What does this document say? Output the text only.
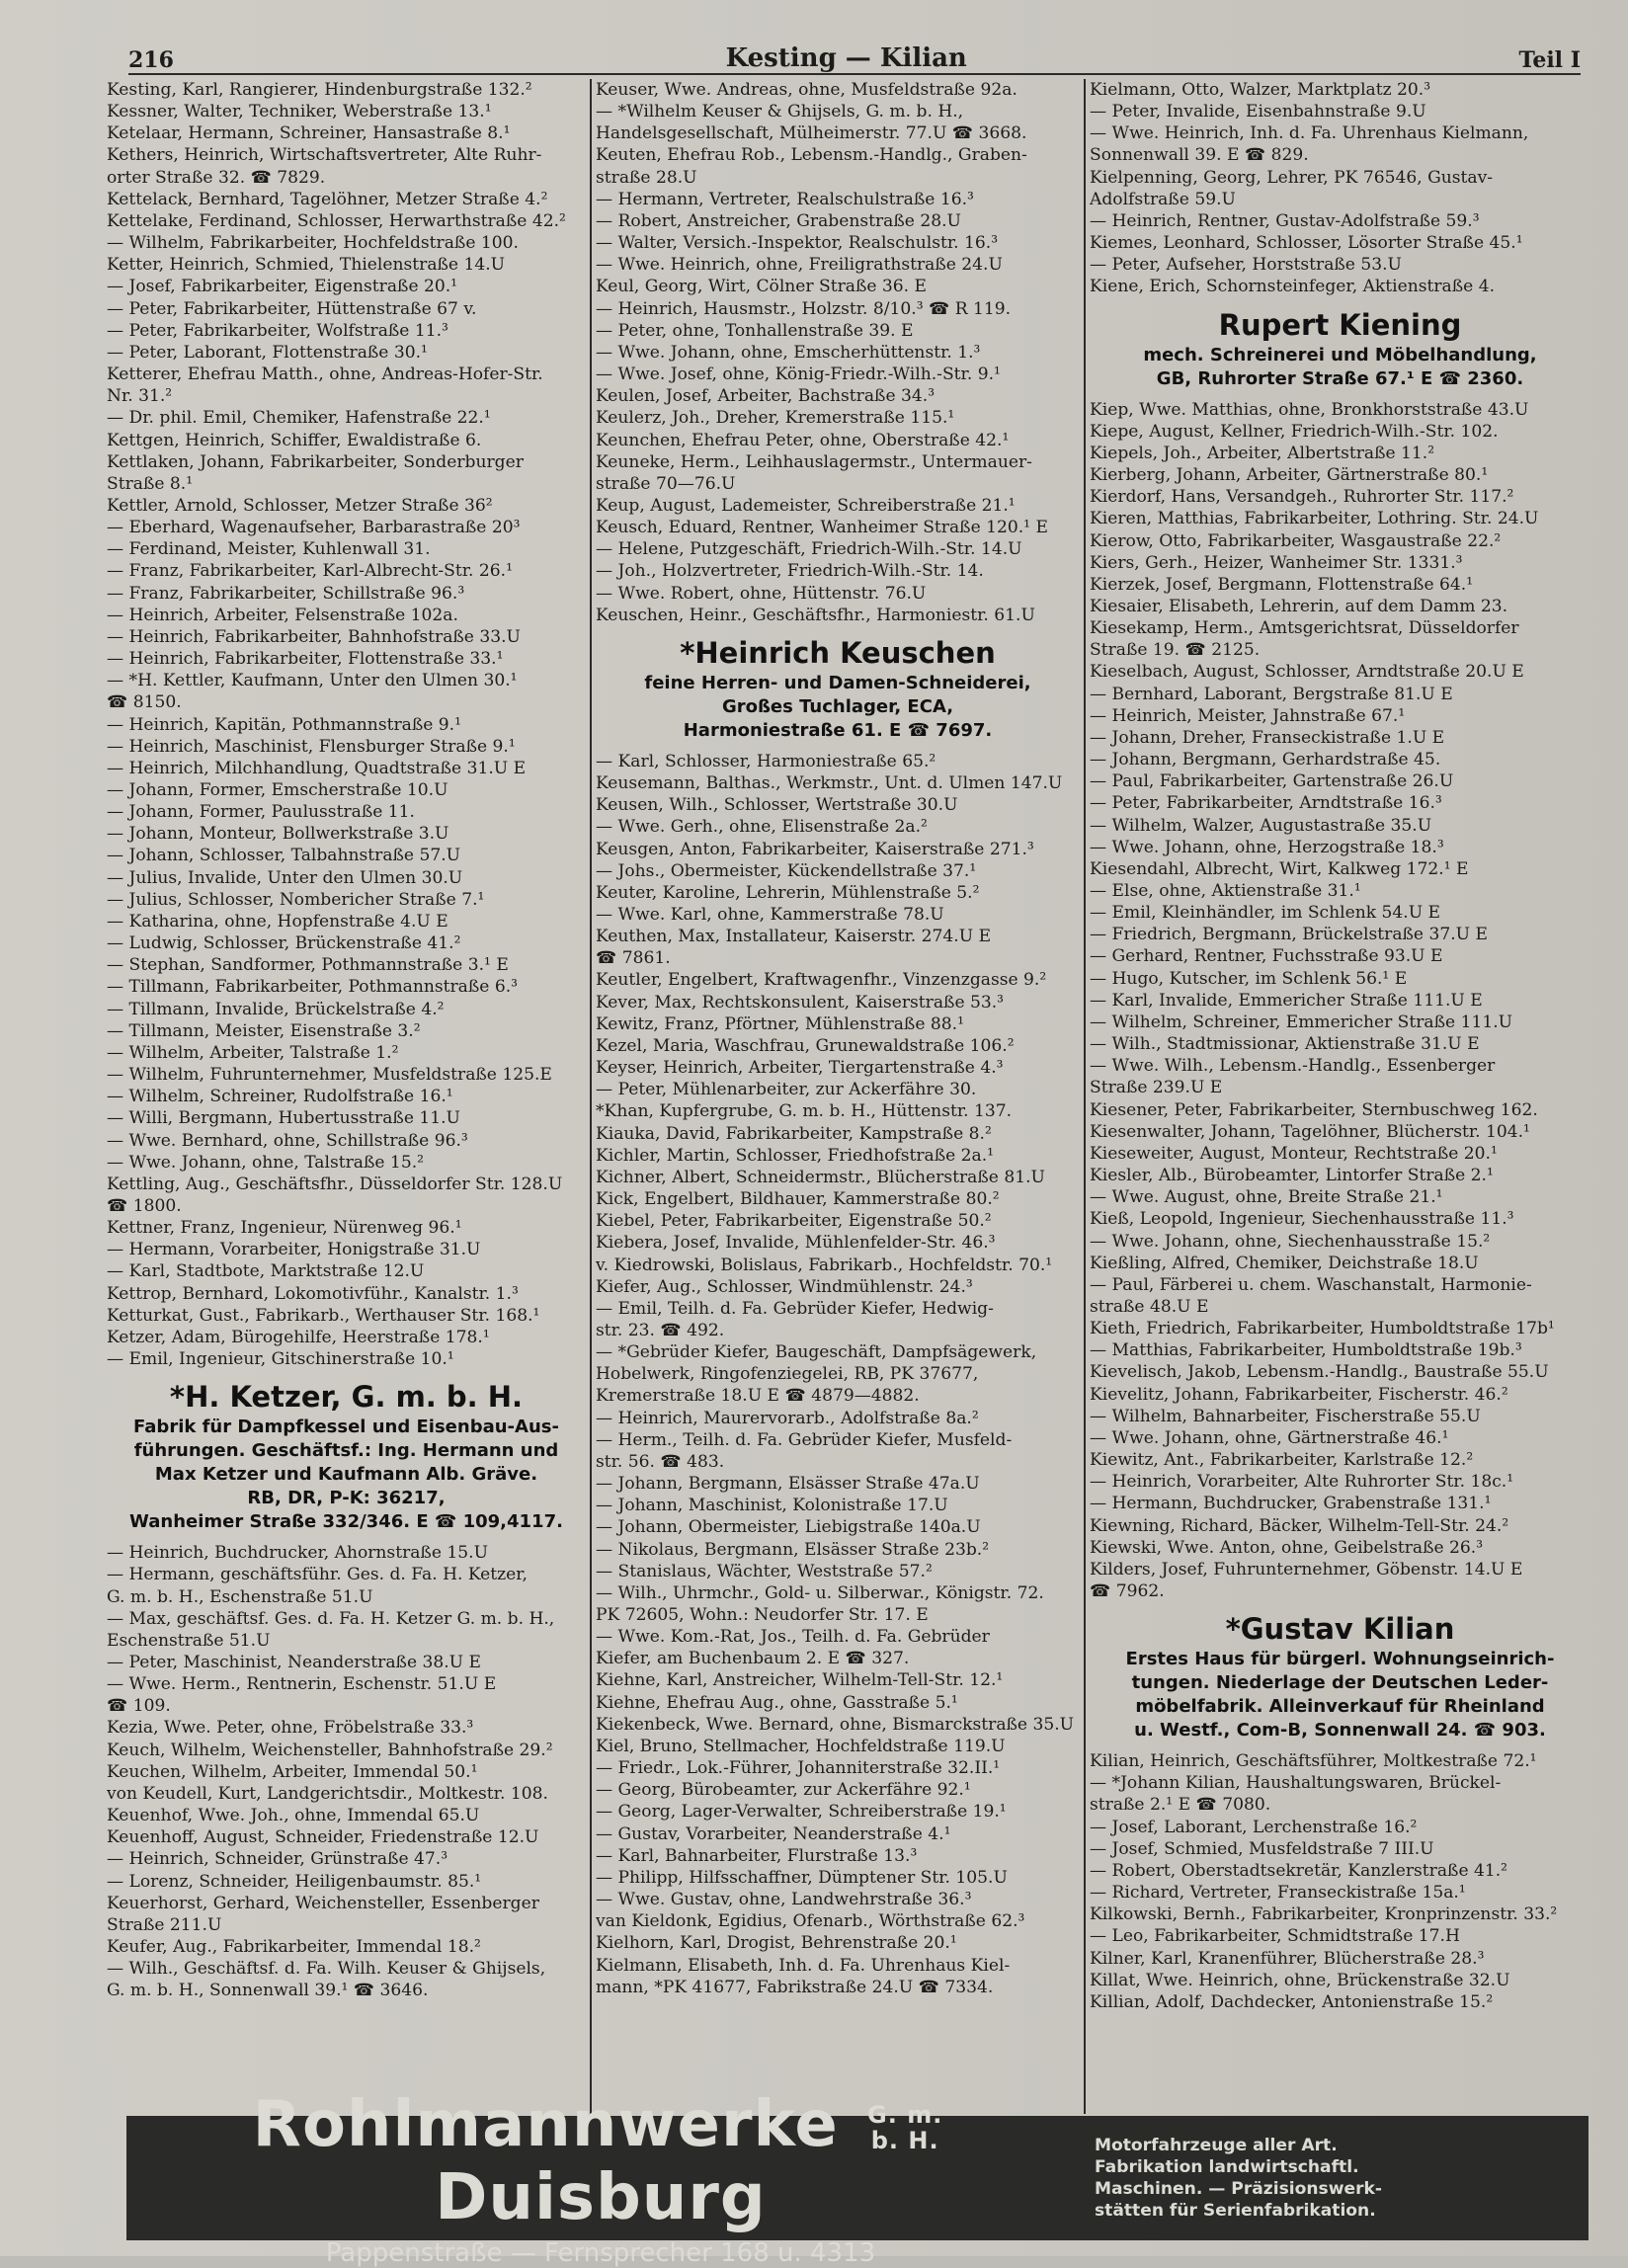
216	Kesting — Kilian	Teil I
Kesting, Karl, Rangierer, Hindenburgstraße 132.²
Kessner, Walter, Techniker, Weberstraße 13.¹
Ketelaar, Hermann, Schreiner, Hansastraße 8.¹
Kethers, Heinrich, Wirtschaftsvertreter, Alte Ruhr-
orter Straße 32. ☎ 7829.
Kettelack, Bernhard, Tagelöhner, Metzer Straße 4.²
Kettelake, Ferdinand, Schlosser, Herwarthstraße 42.²
— Wilhelm, Fabrikarbeiter, Hochfeldstraße 100.
Ketter, Heinrich, Schmied, Thielenstraße 14.U
— Josef, Fabrikarbeiter, Eigenstraße 20.¹
— Peter, Fabrikarbeiter, Hüttenstraße 67 v.
— Peter, Fabrikarbeiter, Wolfstraße 11.³
— Peter, Laborant, Flottenstraße 30.¹
Ketterer, Ehefrau Matth., ohne, Andreas-Hofer-Str.
Nr. 31.²
— Dr. phil. Emil, Chemiker, Hafenstraße 22.¹
Kettgen, Heinrich, Schiffer, Ewaldistraße 6.
Kettlaken, Johann, Fabrikarbeiter, Sonderburger
Straße 8.¹
Kettler, Arnold, Schlosser, Metzer Straße 36²
— Eberhard, Wagenaufseher, Barbarastraße 20³
— Ferdinand, Meister, Kuhlenwall 31.
— Franz, Fabrikarbeiter, Karl-Albrecht-Str. 26.¹
— Franz, Fabrikarbeiter, Schillstraße 96.³
— Heinrich, Arbeiter, Felsenstraße 102a.
— Heinrich, Fabrikarbeiter, Bahnhofstraße 33.U
— Heinrich, Fabrikarbeiter, Flottenstraße 33.¹
— *H. Kettler, Kaufmann, Unter den Ulmen 30.¹
☎ 8150.
— Heinrich, Kapitän, Pothmannstraße 9.¹
— Heinrich, Maschinist, Flensburger Straße 9.¹
— Heinrich, Milchhandlung, Quadtstraße 31.U E
— Johann, Former, Emscherstraße 10.U
— Johann, Former, Paulusstraße 11.
— Johann, Monteur, Bollwerkstraße 3.U
— Johann, Schlosser, Talbahnstraße 57.U
— Julius, Invalide, Unter den Ulmen 30.U
— Julius, Schlosser, Nombericher Straße 7.¹
— Katharina, ohne, Hopfenstraße 4.U E
— Ludwig, Schlosser, Brückenstraße 41.²
— Stephan, Sandformer, Pothmannstraße 3.¹ E
— Tillmann, Fabrikarbeiter, Pothmannstraße 6.³
— Tillmann, Invalide, Brückelstraße 4.²
— Tillmann, Meister, Eisenstraße 3.²
— Wilhelm, Arbeiter, Talstraße 1.²
— Wilhelm, Fuhrunternehmer, Musfeldstraße 125.E
— Wilhelm, Schreiner, Rudolfstraße 16.¹
— Willi, Bergmann, Hubertusstraße 11.U
— Wwe. Bernhard, ohne, Schillstraße 96.³
— Wwe. Johann, ohne, Talstraße 15.²
Kettling, Aug., Geschäftsfhr., Düsseldorfer Str. 128.U
☎ 1800.
Kettner, Franz, Ingenieur, Nürenweg 96.¹
— Hermann, Vorarbeiter, Honigstraße 31.U
— Karl, Stadtbote, Marktstraße 12.U
Kettrop, Bernhard, Lokomotivführ., Kanalstr. 1.³
Ketturkat, Gust., Fabrikarb., Werthauser Str. 168.¹
Ketzer, Adam, Bürogehilfe, Heerstraße 178.¹
— Emil, Ingenieur, Gitschinerstraße 10.¹
*H. Ketzer, G. m. b. H.
Fabrik für Dampfkessel und Eisenbau-Aus-
führungen. Geschäftsf.: Ing. Hermann und
Max Ketzer und Kaufmann Alb. Gräve.
RB, DR, P-K: 36217,
Wanheimer Straße 332/346. E ☎ 109,4117.
— Heinrich, Buchdrucker, Ahornstraße 15.U
— Hermann, geschäftsführ. Ges. d. Fa. H. Ketzer,
G. m. b. H., Eschenstraße 51.U
— Max, geschäftsf. Ges. d. Fa. H. Ketzer G. m. b. H.,
Eschenstraße 51.U
— Peter, Maschinist, Neanderstraße 38.U E
— Wwe. Herm., Rentnerin, Eschenstr. 51.U E
☎ 109.
Kezia, Wwe. Peter, ohne, Fröbelstraße 33.³
Keuch, Wilhelm, Weichensteller, Bahnhofstraße 29.²
Keuchen, Wilhelm, Arbeiter, Immendal 50.¹
von Keudell, Kurt, Landgerichtsdir., Moltkestr. 108.
Keuenhof, Wwe. Joh., ohne, Immendal 65.U
Keuenhoff, August, Schneider, Friedenstraße 12.U
— Heinrich, Schneider, Grünstraße 47.³
— Lorenz, Schneider, Heiligenbaumstr. 85.¹
Keuerhorst, Gerhard, Weichensteller, Essenberger
Straße 211.U
Keufer, Aug., Fabrikarbeiter, Immendal 18.²
— Wilh., Geschäftsf. d. Fa. Wilh. Keuser & Ghijsels,
G. m. b. H., Sonnenwall 39.¹ ☎ 3646.
Keuser, Wwe. Andreas, ohne, Musfeldstraße 92a.
— *Wilhelm Keuser & Ghijsels, G. m. b. H.,
Handelsgesellschaft, Mülheimerstr. 77.U ☎ 3668.
Keuten, Ehefrau Rob., Lebensm.-Handlg., Graben-
straße 28.U
— Hermann, Vertreter, Realschulstraße 16.³
— Robert, Anstreicher, Grabenstraße 28.U
— Walter, Versich.-Inspektor, Realschulstr. 16.³
— Wwe. Heinrich, ohne, Freiligrathstraße 24.U
Keul, Georg, Wirt, Cölner Straße 36. E
— Heinrich, Hausmstr., Holzstr. 8/10.³ ☎ R 119.
— Peter, ohne, Tonhallenstraße 39. E
— Wwe. Johann, ohne, Emscherhüttenstr. 1.³
— Wwe. Josef, ohne, König-Friedr.-Wilh.-Str. 9.¹
Keulen, Josef, Arbeiter, Bachstraße 34.³
Keulerz, Joh., Dreher, Kremerstraße 115.¹
Keunchen, Ehefrau Peter, ohne, Oberstraße 42.¹
Keuneke, Herm., Leihhauslagermstr., Untermauer-
straße 70—76.U
Keup, August, Lademeister, Schreiberstraße 21.¹
Keusch, Eduard, Rentner, Wanheimer Straße 120.¹ E
— Helene, Putzgeschäft, Friedrich-Wilh.-Str. 14.U
— Joh., Holzvertreter, Friedrich-Wilh.-Str. 14.
— Wwe. Robert, ohne, Hüttenstr. 76.U
Keuschen, Heinr., Geschäftsfhr., Harmoniestr. 61.U
*Heinrich Keuschen
feine Herren- und Damen-Schneiderei,
Großes Tuchlager, ECA,
Harmoniestraße 61. E ☎ 7697.
— Karl, Schlosser, Harmoniestraße 65.²
Keusemann, Balthas., Werkmstr., Unt. d. Ulmen 147.U
Keusen, Wilh., Schlosser, Wertstraße 30.U
— Wwe. Gerh., ohne, Elisenstraße 2a.²
Keusgen, Anton, Fabrikarbeiter, Kaiserstraße 271.³
— Johs., Obermeister, Kückendellstraße 37.¹
Keuter, Karoline, Lehrerin, Mühlenstraße 5.²
— Wwe. Karl, ohne, Kammerstraße 78.U
Keuthen, Max, Installateur, Kaiserstr. 274.U E
☎ 7861.
Keutler, Engelbert, Kraftwagenfhr., Vinzenzgasse 9.²
Kever, Max, Rechtskonsulent, Kaiserstraße 53.³
Kewitz, Franz, Pförtner, Mühlenstraße 88.¹
Kezel, Maria, Waschfrau, Grunewaldstraße 106.²
Keyser, Heinrich, Arbeiter, Tiergartenstraße 4.³
— Peter, Mühlenarbeiter, zur Ackerfähre 30.
*Khan, Kupfergrube, G. m. b. H., Hüttenstr. 137.
Kiauka, David, Fabrikarbeiter, Kampstraße 8.²
Kichler, Martin, Schlosser, Friedhofstraße 2a.¹
Kichner, Albert, Schneidermstr., Blücherstraße 81.U
Kick, Engelbert, Bildhauer, Kammerstraße 80.²
Kiebel, Peter, Fabrikarbeiter, Eigenstraße 50.²
Kiebera, Josef, Invalide, Mühlenfelder-Str. 46.³
v. Kiedrowski, Bolislaus, Fabrikarb., Hochfeldstr. 70.¹
Kiefer, Aug., Schlosser, Windmühlenstr. 24.³
— Emil, Teilh. d. Fa. Gebrüder Kiefer, Hedwig-
str. 23. ☎ 492.
— *Gebrüder Kiefer, Baugeschäft, Dampfsägewerk,
Hobelwerk, Ringofenziegelei, RB, PK 37677,
Kremerstraße 18.U E ☎ 4879—4882.
— Heinrich, Maurervorarb., Adolfstraße 8a.²
— Herm., Teilh. d. Fa. Gebrüder Kiefer, Musfeld-
str. 56. ☎ 483.
— Johann, Bergmann, Elsässer Straße 47a.U
— Johann, Maschinist, Kolonistraße 17.U
— Johann, Obermeister, Liebigstraße 140a.U
— Nikolaus, Bergmann, Elsässer Straße 23b.²
— Stanislaus, Wächter, Weststraße 57.²
— Wilh., Uhrmchr., Gold- u. Silberwar., Königstr. 72.
PK 72605, Wohn.: Neudorfer Str. 17. E
— Wwe. Kom.-Rat, Jos., Teilh. d. Fa. Gebrüder
Kiefer, am Buchenbaum 2. E ☎ 327.
Kiehne, Karl, Anstreicher, Wilhelm-Tell-Str. 12.¹
Kiehne, Ehefrau Aug., ohne, Gasstraße 5.¹
Kiekenbeck, Wwe. Bernard, ohne, Bismarckstraße 35.U
Kiel, Bruno, Stellmacher, Hochfeldstraße 119.U
— Friedr., Lok.-Führer, Johanniterstraße 32.II.¹
— Georg, Bürobeamter, zur Ackerfähre 92.¹
— Georg, Lager-Verwalter, Schreiberstraße 19.¹
— Gustav, Vorarbeiter, Neanderstraße 4.¹
— Karl, Bahnarbeiter, Flurstraße 13.³
— Philipp, Hilfsschaffner, Dümptener Str. 105.U
— Wwe. Gustav, ohne, Landwehrstraße 36.³
van Kieldonk, Egidius, Ofenarb., Wörthstraße 62.³
Kielhorn, Karl, Drogist, Behrenstraße 20.¹
Kielmann, Elisabeth, Inh. d. Fa. Uhrenhaus Kiel-
mann, *PK 41677, Fabrikstraße 24.U ☎ 7334.
Kielmann, Otto, Walzer, Marktplatz 20.³
— Peter, Invalide, Eisenbahnstraße 9.U
— Wwe. Heinrich, Inh. d. Fa. Uhrenhaus Kielmann,
Sonnenwall 39. E ☎ 829.
Kielpenning, Georg, Lehrer, PK 76546, Gustav-
Adolfstraße 59.U
— Heinrich, Rentner, Gustav-Adolfstraße 59.³
Kiemes, Leonhard, Schlosser, Lösorter Straße 45.¹
— Peter, Aufseher, Horststraße 53.U
Kiene, Erich, Schornsteinfeger, Aktienstraße 4.
Rupert Kiening
mech. Schreinerei und Möbelhandlung,
GB, Ruhrorter Straße 67.¹ E ☎ 2360.
Kiep, Wwe. Matthias, ohne, Bronkhorststraße 43.U
Kiepe, August, Kellner, Friedrich-Wilh.-Str. 102.
Kiepels, Joh., Arbeiter, Albertstraße 11.²
Kierberg, Johann, Arbeiter, Gärtnerstraße 80.¹
Kierdorf, Hans, Versandgeh., Ruhrorter Str. 117.²
Kieren, Matthias, Fabrikarbeiter, Lothring. Str. 24.U
Kierow, Otto, Fabrikarbeiter, Wasgaustraße 22.²
Kiers, Gerh., Heizer, Wanheimer Str. 1331.³
Kierzek, Josef, Bergmann, Flottenstraße 64.¹
Kiesaier, Elisabeth, Lehrerin, auf dem Damm 23.
Kiesekamp, Herm., Amtsgerichtsrat, Düsseldorfer
Straße 19. ☎ 2125.
Kieselbach, August, Schlosser, Arndtstraße 20.U E
— Bernhard, Laborant, Bergstraße 81.U E
— Heinrich, Meister, Jahnstraße 67.¹
— Johann, Dreher, Franseckistraße 1.U E
— Johann, Bergmann, Gerhardstraße 45.
— Paul, Fabrikarbeiter, Gartenstraße 26.U
— Peter, Fabrikarbeiter, Arndtstraße 16.³
— Wilhelm, Walzer, Augustastraße 35.U
— Wwe. Johann, ohne, Herzogstraße 18.³
Kiesendahl, Albrecht, Wirt, Kalkweg 172.¹ E
— Else, ohne, Aktienstraße 31.¹
— Emil, Kleinhändler, im Schlenk 54.U E
— Friedrich, Bergmann, Brückelstraße 37.U E
— Gerhard, Rentner, Fuchsstraße 93.U E
— Hugo, Kutscher, im Schlenk 56.¹ E
— Karl, Invalide, Emmericher Straße 111.U E
— Wilhelm, Schreiner, Emmericher Straße 111.U
— Wilh., Stadtmissionar, Aktienstraße 31.U E
— Wwe. Wilh., Lebensm.-Handlg., Essenberger
Straße 239.U E
Kiesener, Peter, Fabrikarbeiter, Sternbuschweg 162.
Kiesenwalter, Johann, Tagelöhner, Blücherstr. 104.¹
Kieseweiter, August, Monteur, Rechtstraße 20.¹
Kiesler, Alb., Bürobeamter, Lintorfer Straße 2.¹
— Wwe. August, ohne, Breite Straße 21.¹
Kieß, Leopold, Ingenieur, Siechenhausstraße 11.³
— Wwe. Johann, ohne, Siechenhausstraße 15.²
Kießling, Alfred, Chemiker, Deichstraße 18.U
— Paul, Färberei u. chem. Waschanstalt, Harmonie-
straße 48.U E
Kieth, Friedrich, Fabrikarbeiter, Humboldtstraße 17b¹
— Matthias, Fabrikarbeiter, Humboldtstraße 19b.³
Kievelisch, Jakob, Lebensm.-Handlg., Baustraße 55.U
Kievelitz, Johann, Fabrikarbeiter, Fischerstr. 46.²
— Wilhelm, Bahnarbeiter, Fischerstraße 55.U
— Wwe. Johann, ohne, Gärtnerstraße 46.¹
Kiewitz, Ant., Fabrikarbeiter, Karlstraße 12.²
— Heinrich, Vorarbeiter, Alte Ruhrorter Str. 18c.¹
— Hermann, Buchdrucker, Grabenstraße 131.¹
Kiewning, Richard, Bäcker, Wilhelm-Tell-Str. 24.²
Kiewski, Wwe. Anton, ohne, Geibelstraße 26.³
Kilders, Josef, Fuhrunternehmer, Göbenstr. 14.U E
☎ 7962.
*Gustav Kilian
Erstes Haus für bürgerl. Wohnungseinrich-
tungen. Niederlage der Deutschen Leder-
möbelfabrik. Alleinverkauf für Rheinland
u. Westf., Com-B, Sonnenwall 24. ☎ 903.
Kilian, Heinrich, Geschäftsführer, Moltkestraße 72.¹
— *Johann Kilian, Haushaltungswaren, Brückel-
straße 2.¹ E ☎ 7080.
— Josef, Laborant, Lerchenstraße 16.²
— Josef, Schmied, Musfeldstraße 7 III.U
— Robert, Oberstadtsekretär, Kanzlerstraße 41.²
— Richard, Vertreter, Franseckistraße 15a.¹
Kilkowski, Bernh., Fabrikarbeiter, Kronprinzenstr. 33.²
— Leo, Fabrikarbeiter, Schmidtstraße 17.H
Kilner, Karl, Kranenführer, Blücherstraße 28.³
Killat, Wwe. Heinrich, ohne, Brückenstraße 32.U
Killian, Adolf, Dachdecker, Antonienstraße 15.²
Rohlmannwerke G. m.
b. H. Duisburg
Pappenstraße — Fernsprecher 168 u. 4313
Motorfahrzeuge aller Art.
Fabrikation landwirtschaftl.
Maschinen. — Präzisionswerk-
stätten für Serienfabrikation.
